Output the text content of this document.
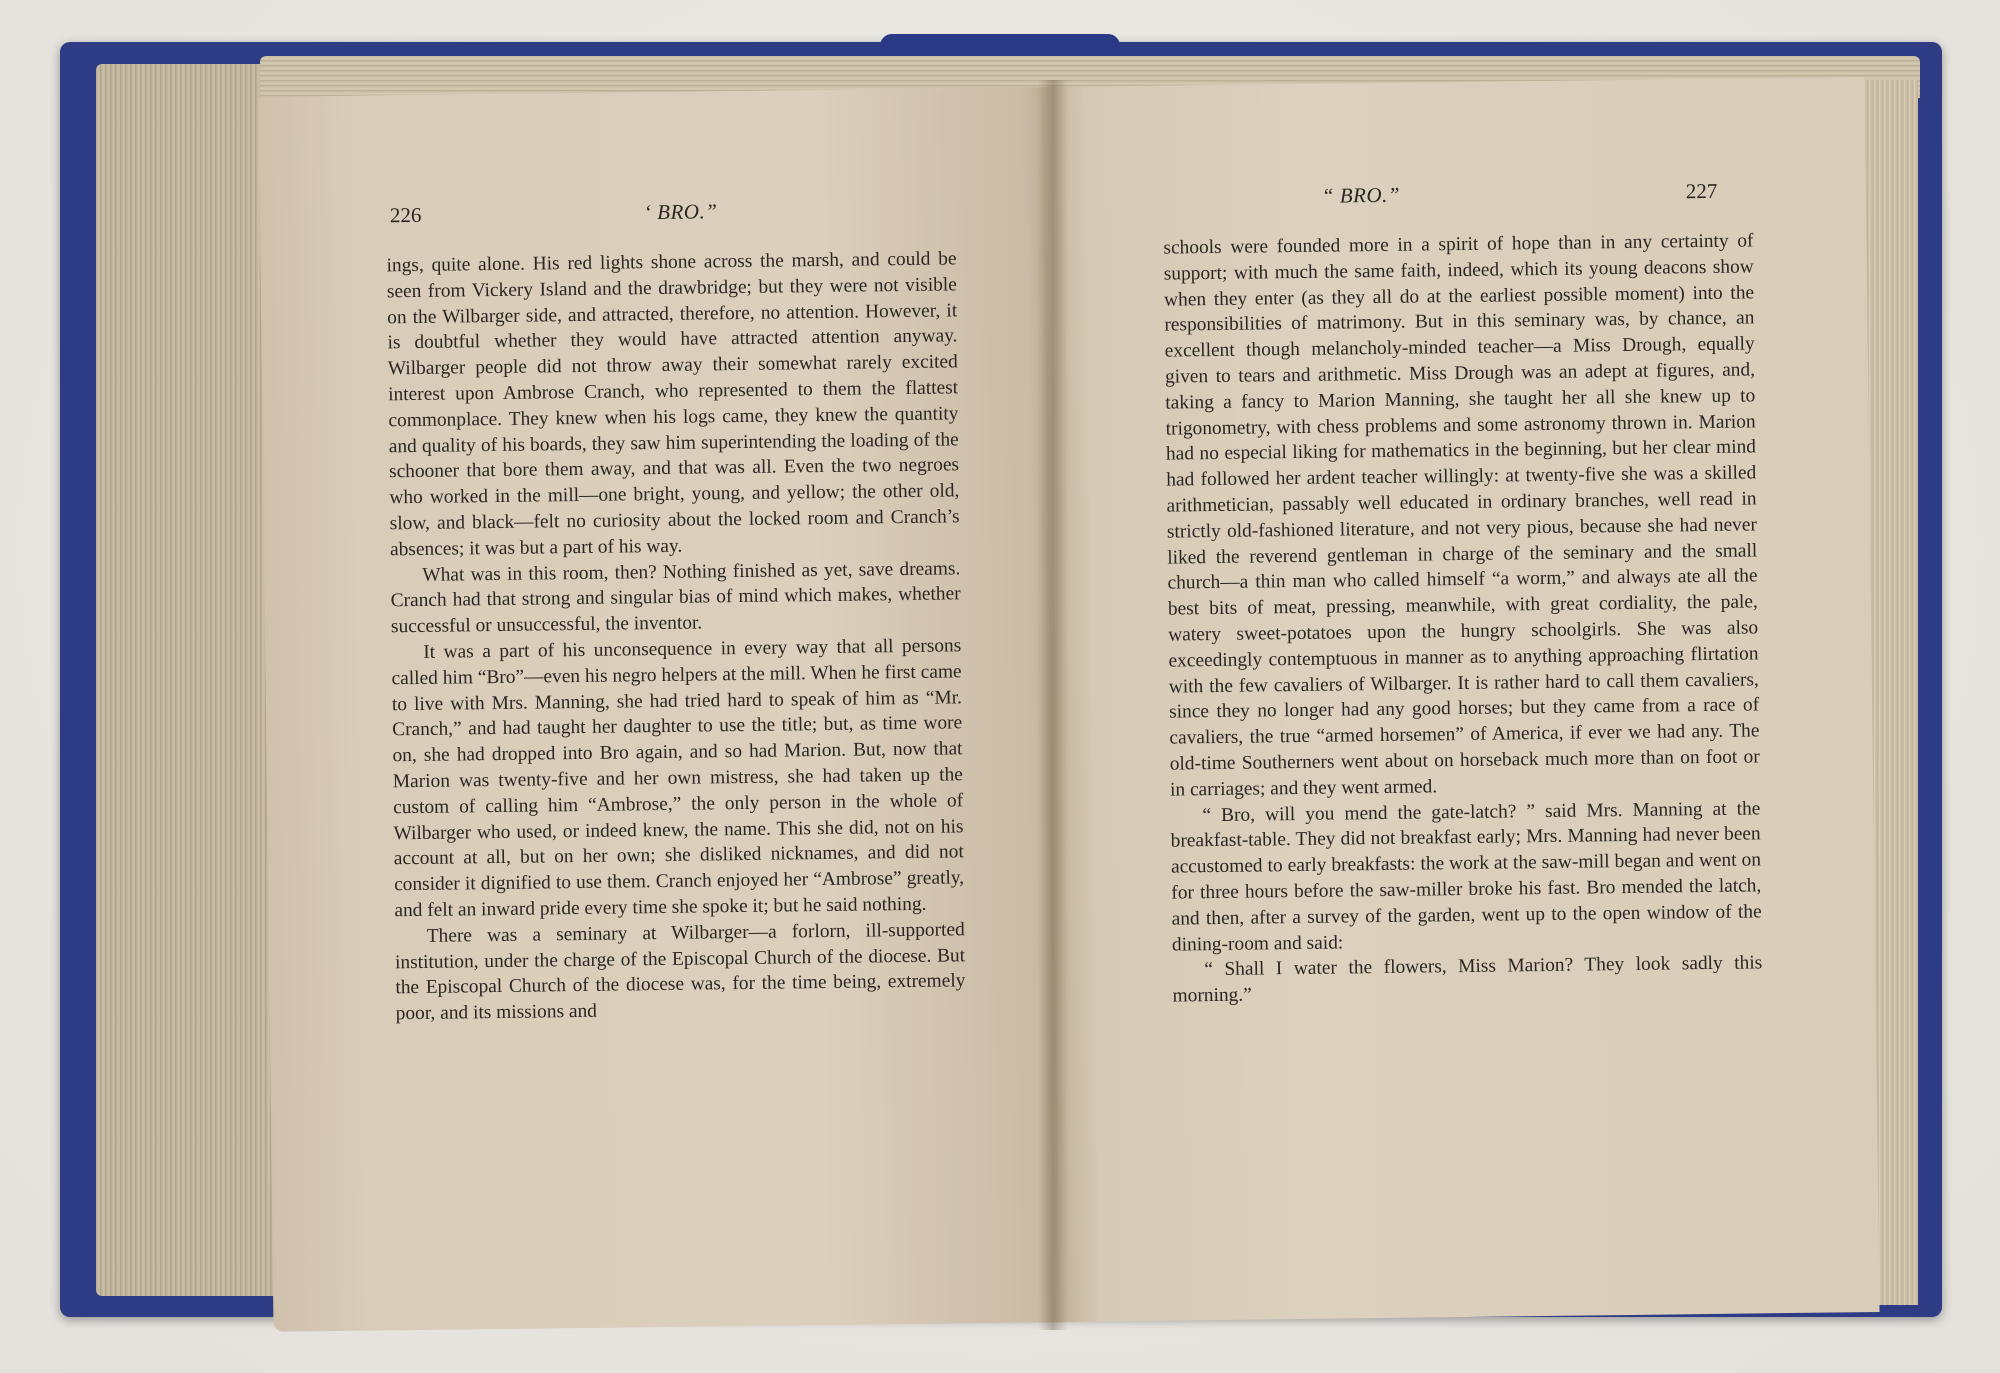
226	‘ BRO.”

ings, quite alone. His red lights shone across the marsh, and could be seen from Vickery Island and the drawbridge; but they were not visible on the Wilbarger side, and attracted, therefore, no attention. However, it is doubtful whether they would have attracted attention anyway. Wilbarger people did not throw away their somewhat rarely excited interest upon Ambrose Cranch, who represented to them the flattest commonplace. They knew when his logs came, they knew the quantity and quality of his boards, they saw him superintending the loading of the schooner that bore them away, and that was all. Even the two negroes who worked in the mill—one bright, young, and yellow; the other old, slow, and black—felt no curiosity about the locked room and Cranch’s absences; it was but a part of his way.

What was in this room, then? Nothing finished as yet, save dreams. Cranch had that strong and singular bias of mind which makes, whether successful or unsuccessful, the inventor.

It was a part of his unconsequence in every way that all persons called him “Bro”—even his negro helpers at the mill. When he first came to live with Mrs. Manning, she had tried hard to speak of him as “Mr. Cranch,” and had taught her daughter to use the title; but, as time wore on, she had dropped into Bro again, and so had Marion. But, now that Marion was twenty-five and her own mistress, she had taken up the custom of calling him “Ambrose,” the only person in the whole of Wilbarger who used, or indeed knew, the name. This she did, not on his account at all, but on her own; she disliked nicknames, and did not consider it dignified to use them. Cranch enjoyed her “Ambrose” greatly, and felt an inward pride every time she spoke it; but he said nothing.

There was a seminary at Wilbarger—a forlorn, ill-supported institution, under the charge of the Episcopal Church of the diocese. But the Episcopal Church of the diocese was, for the time being, extremely poor, and its missions and

“ BRO.”	227

schools were founded more in a spirit of hope than in any certainty of support; with much the same faith, indeed, which its young deacons show when they enter (as they all do at the earliest possible moment) into the responsibilities of matrimony. But in this seminary was, by chance, an excellent though melancholy-minded teacher—a Miss Drough, equally given to tears and arithmetic. Miss Drough was an adept at figures, and, taking a fancy to Marion Manning, she taught her all she knew up to trigonometry, with chess problems and some astronomy thrown in. Marion had no especial liking for mathematics in the beginning, but her clear mind had followed her ardent teacher willingly: at twenty-five she was a skilled arithmetician, passably well educated in ordinary branches, well read in strictly old-fashioned literature, and not very pious, because she had never liked the reverend gentleman in charge of the seminary and the small church—a thin man who called himself “a worm,” and always ate all the best bits of meat, pressing, meanwhile, with great cordiality, the pale, watery sweet-potatoes upon the hungry schoolgirls. She was also exceedingly contemptuous in manner as to anything approaching flirtation with the few cavaliers of Wilbarger. It is rather hard to call them cavaliers, since they no longer had any good horses; but they came from a race of cavaliers, the true “armed horsemen” of America, if ever we had any. The old-time Southerners went about on horseback much more than on foot or in carriages; and they went armed.

“ Bro, will you mend the gate-latch? ” said Mrs. Manning at the breakfast-table. They did not breakfast early; Mrs. Manning had never been accustomed to early breakfasts: the work at the saw-mill began and went on for three hours before the saw-miller broke his fast. Bro mended the latch, and then, after a survey of the garden, went up to the open window of the dining-room and said:

“ Shall I water the flowers, Miss Marion? They look sadly this morning.”
